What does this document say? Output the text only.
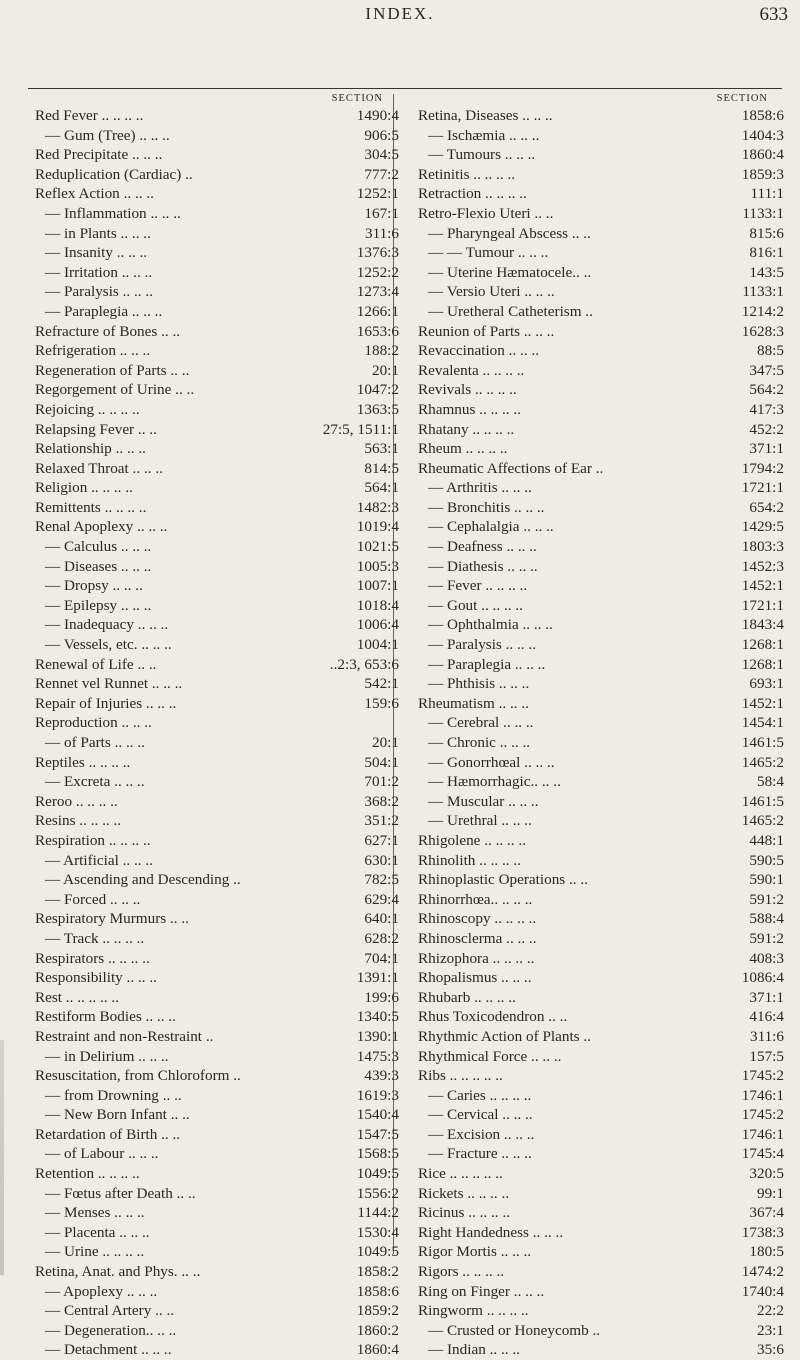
INDEX.	633
SECTION
Red Fever .. .. .. ..	1490:4
— Gum (Tree) .. .. ..	906:5
Red Precipitate .. .. ..	304:5
Reduplication (Cardiac) ..	777:2
Reflex Action .. .. ..	1252:1
— Inflammation .. .. ..	167:1
— in Plants .. .. ..	311:6
— Insanity .. .. ..	1376:3
— Irritation .. .. ..	1252:2
— Paralysis .. .. ..	1273:4
— Paraplegia .. .. ..	1266:1
Refracture of Bones .. ..	1653:6
Refrigeration .. .. ..	188:2
Regeneration of Parts .. ..	20:1
Regorgement of Urine .. ..	1047:2
Rejoicing .. .. .. ..	1363:5
Relapsing Fever .. ..	27:5, 1511:1
Relationship .. .. ..	563:1
Relaxed Throat .. .. ..	814:5
Religion .. .. .. ..	564:1
Remittents .. .. .. ..	1482:3
Renal Apoplexy .. .. ..	1019:4
— Calculus .. .. ..	1021:5
— Diseases .. .. ..	1005:3
— Dropsy .. .. ..	1007:1
— Epilepsy .. .. ..	1018:4
— Inadequacy .. .. ..	1006:4
— Vessels, etc. .. .. ..	1004:1
Renewal of Life .. ..	..2:3, 653:6
Rennet vel Runnet .. .. ..	542:1
Repair of Injuries .. .. ..	159:6
Reproduction .. .. ..
— of Parts .. .. ..	20:1
Reptiles .. .. .. ..	504:1
— Excreta .. .. ..	701:2
Reroo .. .. .. ..	368:2
Resins .. .. .. ..	351:2
Respiration .. .. .. ..	627:1
— Artificial .. .. ..	630:1
— Ascending and Descending ..	782:5
— Forced .. .. ..	629:4
Respiratory Murmurs .. ..	640:1
— Track .. .. .. ..	628:2
Respirators .. .. .. ..	704:1
Responsibility .. .. ..	1391:1
Rest .. .. .. .. ..	199:6
Restiform Bodies .. .. ..	1340:5
Restraint and non-Restraint ..	1390:1
— in Delirium .. .. ..	1475:3
Resuscitation, from Chloroform ..	439:3
— from Drowning .. ..	1619:3
— New Born Infant .. ..	1540:4
Retardation of Birth .. ..	1547:5
— of Labour .. .. ..	1568:5
Retention .. .. .. ..	1049:5
— Fœtus after Death .. ..	1556:2
— Menses .. .. ..	1144:2
— Placenta .. .. ..	1530:4
— Urine .. .. .. ..	1049:5
Retina, Anat. and Phys. .. ..	1858:2
— Apoplexy .. .. ..	1858:6
— Central Artery .. ..	1859:2
— Degeneration.. .. ..	1860:2
— Detachment .. .. ..	1860:4
SECTION
Retina, Diseases .. .. ..	1858:6
— Ischæmia .. .. ..	1404:3
— Tumours .. .. ..	1860:4
Retinitis .. .. .. ..	1859:3
Retraction .. .. .. ..	111:1
Retro-Flexio Uteri .. ..	1133:1
— Pharyngeal Abscess .. ..	815:6
— — Tumour .. .. ..	816:1
— Uterine Hæmatocele.. ..	143:5
— Versio Uteri .. .. ..	1133:1
— Uretheral Catheterism ..	1214:2
Reunion of Parts .. .. ..	1628:3
Revaccination .. .. ..	88:5
Revalenta .. .. .. ..	347:5
Revivals .. .. .. ..	564:2
Rhamnus .. .. .. ..	417:3
Rhatany .. .. .. ..	452:2
Rheum .. .. .. ..	371:1
Rheumatic Affections of Ear ..	1794:2
— Arthritis .. .. ..	1721:1
— Bronchitis .. .. ..	654:2
— Cephalalgia .. .. ..	1429:5
— Deafness .. .. ..	1803:3
— Diathesis .. .. ..	1452:3
— Fever .. .. .. ..	1452:1
— Gout .. .. .. ..	1721:1
— Ophthalmia .. .. ..	1843:4
— Paralysis .. .. ..	1268:1
— Paraplegia .. .. ..	1268:1
— Phthisis .. .. ..	693:1
Rheumatism .. .. ..	1452:1
— Cerebral .. .. ..	1454:1
— Chronic .. .. ..	1461:5
— Gonorrhœal .. .. ..	1465:2
— Hæmorrhagic.. .. ..	58:4
— Muscular .. .. ..	1461:5
— Urethral .. .. ..	1465:2
Rhigolene .. .. .. ..	448:1
Rhinolith .. .. .. ..	590:5
Rhinoplastic Operations .. ..	590:1
Rhinorrhœa.. .. .. ..	591:2
Rhinoscopy .. .. .. ..	588:4
Rhinosclerma .. .. ..	591:2
Rhizophora .. .. .. ..	408:3
Rhopalismus .. .. ..	1086:4
Rhubarb .. .. .. ..	371:1
Rhus Toxicodendron .. ..	416:4
Rhythmic Action of Plants ..	311:6
Rhythmical Force .. .. ..	157:5
Ribs .. .. .. .. ..	1745:2
— Caries .. .. .. ..	1746:1
— Cervical .. .. ..	1745:2
— Excision .. .. ..	1746:1
— Fracture .. .. ..	1745:4
Rice .. .. .. .. ..	320:5
Rickets .. .. .. ..	99:1
Ricinus .. .. .. ..	367:4
Right Handedness .. .. ..	1738:3
Rigor Mortis .. .. ..	180:5
Rigors .. .. .. ..	1474:2
Ring on Finger .. .. ..	1740:4
Ringworm .. .. .. ..	22:2
— Crusted or Honeycomb ..	23:1
— Indian .. .. ..	35:6
